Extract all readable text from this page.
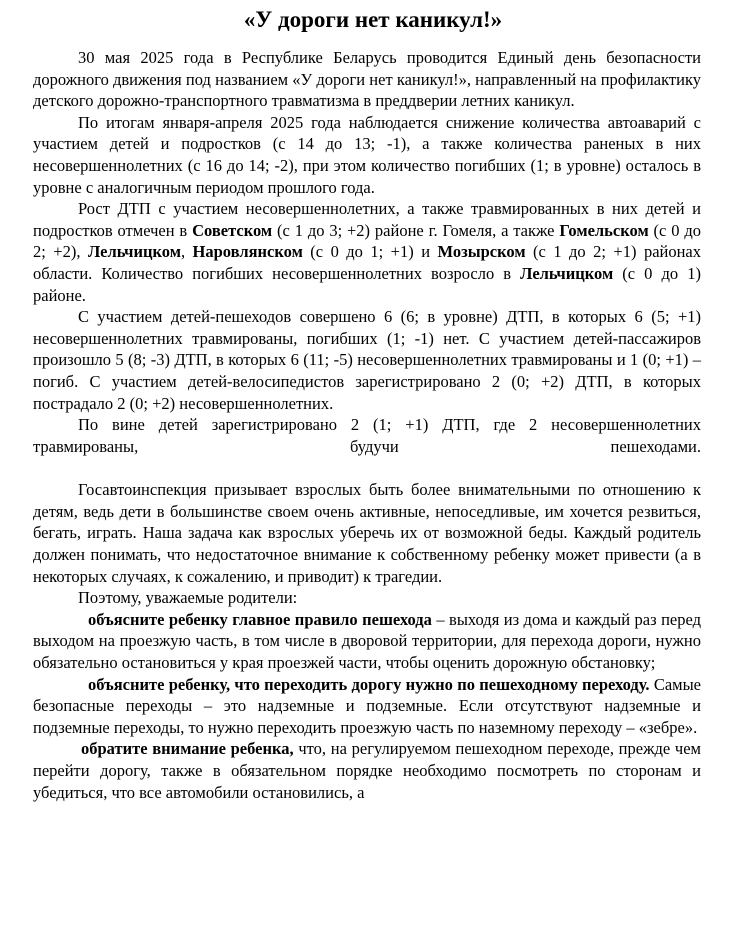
«У дороги нет каникул!»

30 мая 2025 года в Республике Беларусь проводится Единый день безопасности дорожного движения под названием «У дороги нет каникул!», направленный на профилактику детского дорожно-транспортного травматизма в преддверии летних каникул.

По итогам января-апреля 2025 года наблюдается снижение количества автоаварий с участием детей и подростков (с 14 до 13; -1), а также количества раненых в них несовершеннолетних (с 16 до 14; -2), при этом количество погибших (1; в уровне) осталось в уровне с аналогичным периодом прошлого года.

Рост ДТП с участием несовершеннолетних, а также травмированных в них детей и подростков отмечен в Советском (с 1 до 3; +2) районе г. Гомеля, а также Гомельском (с 0 до 2; +2), Лельчицком, Наровлянском (с 0 до 1; +1) и Мозырском (с 1 до 2; +1) районах области. Количество погибших несовершеннолетних возросло в Лельчицком (с 0 до 1) районе.

С участием детей-пешеходов совершено 6 (6; в уровне) ДТП, в которых 6 (5; +1) несовершеннолетних травмированы, погибших (1; -1) нет. С участием детей-пассажиров произошло 5 (8; -3) ДТП, в которых 6 (11; -5) несовершеннолетних травмированы и 1 (0; +1) – погиб. С участием детей-велосипедистов зарегистрировано 2 (0; +2) ДТП, в которых пострадало 2 (0; +2) несовершеннолетних.

По вине детей зарегистрировано 2 (1; +1) ДТП, где 2 несовершеннолетних травмированы, будучи пешеходами.

Госавтоинспекция призывает взрослых быть более внимательными по отношению к детям, ведь дети в большинстве своем очень активные, непоседливые, им хочется резвиться, бегать, играть. Наша задача как взрослых уберечь их от возможной беды. Каждый родитель должен понимать, что недостаточное внимание к собственному ребенку может привести (а в некоторых случаях, к сожалению, и приводит) к трагедии.

Поэтому, уважаемые родители:

объясните ребенку главное правило пешехода – выходя из дома и каждый раз перед выходом на проезжую часть, в том числе в дворовой территории, для перехода дороги, нужно обязательно остановиться у края проезжей части, чтобы оценить дорожную обстановку;

объясните ребенку, что переходить дорогу нужно по пешеходному переходу. Самые безопасные переходы – это надземные и подземные. Если отсутствуют надземные и подземные переходы, то нужно переходить проезжую часть по наземному переходу – «зебре».

обратите внимание ребенка, что, на регулируемом пешеходном переходе, прежде чем перейти дорогу, также в обязательном порядке необходимо посмотреть по сторонам и убедиться, что все автомобили остановились, а
